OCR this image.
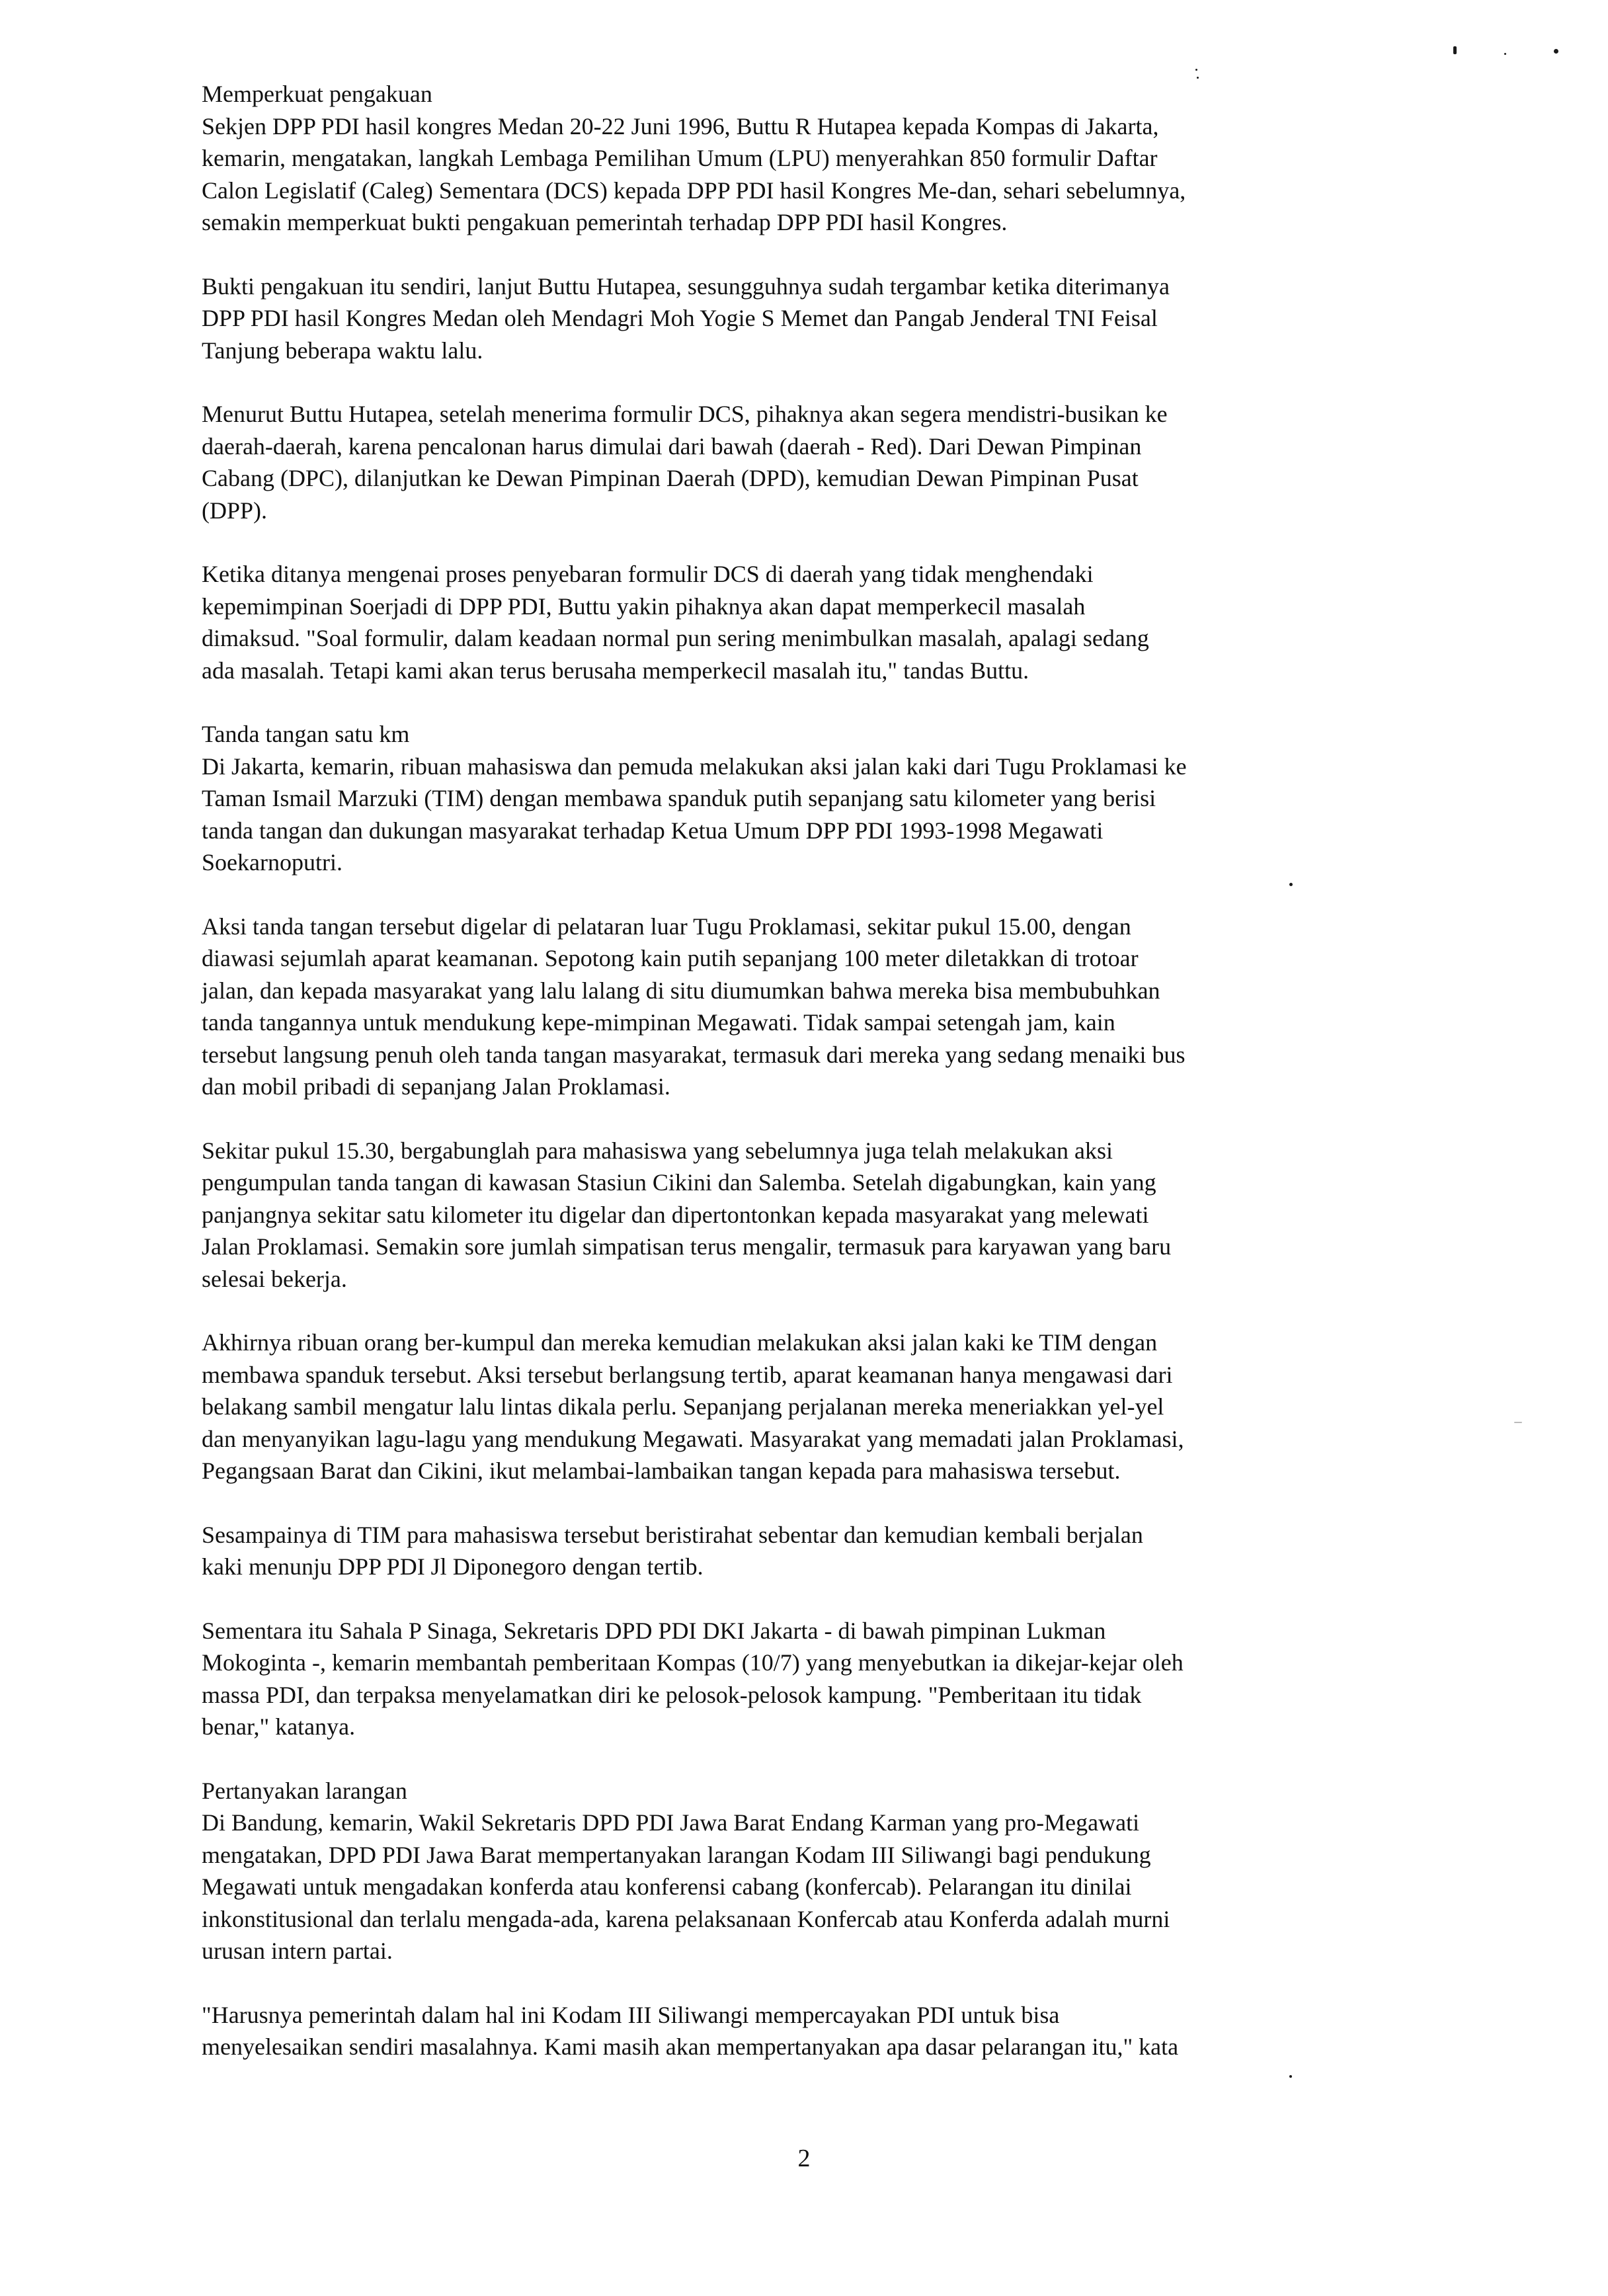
Memperkuat pengakuan

Sekjen DPP PDI hasil kongres Medan 20-22 Juni 1996, Buttu R Hutapea kepada Kompas di Jakarta,
kemarin, mengatakan, langkah Lembaga Pemilihan Umum (LPU) menyerahkan 850 formulir Daftar
Calon Legislatif (Caleg) Sementara (DCS) kepada DPP PDI hasil Kongres Me-dan, sehari sebelumnya,
semakin memperkuat bukti pengakuan pemerintah terhadap DPP PDI hasil Kongres.

Bukti pengakuan itu sendiri, lanjut Buttu Hutapea, sesungguhnya sudah tergambar ketika diterimanya
DPP PDI hasil Kongres Medan oleh Mendagri Moh Yogie S Memet dan Pangab Jenderal TNI Feisal
Tanjung beberapa waktu lalu.

Menurut Buttu Hutapea, setelah menerima formulir DCS, pihaknya akan segera mendistri-busikan ke
daerah-daerah, karena pencalonan harus dimulai dari bawah (daerah - Red). Dari Dewan Pimpinan
Cabang (DPC), dilanjutkan ke Dewan Pimpinan Daerah (DPD), kemudian Dewan Pimpinan Pusat
(DPP).

Ketika ditanya mengenai proses penyebaran formulir DCS di daerah yang tidak menghendaki
kepemimpinan Soerjadi di DPP PDI, Buttu yakin pihaknya akan dapat memperkecil masalah
dimaksud. "Soal formulir, dalam keadaan normal pun sering menimbulkan masalah, apalagi sedang
ada masalah. Tetapi kami akan terus berusaha memperkecil masalah itu," tandas Buttu.

Tanda tangan satu km

Di Jakarta, kemarin, ribuan mahasiswa dan pemuda melakukan aksi jalan kaki dari Tugu Proklamasi ke
Taman Ismail Marzuki (TIM) dengan membawa spanduk putih sepanjang satu kilometer yang berisi
tanda tangan dan dukungan masyarakat terhadap Ketua Umum DPP PDI 1993-1998 Megawati
Soekarnoputri.

Aksi tanda tangan tersebut digelar di pelataran luar Tugu Proklamasi, sekitar pukul 15.00, dengan
diawasi sejumlah aparat keamanan. Sepotong kain putih sepanjang 100 meter diletakkan di trotoar
jalan, dan kepada masyarakat yang lalu lalang di situ diumumkan bahwa mereka bisa membubuhkan
tanda tangannya untuk mendukung kepe-mimpinan Megawati. Tidak sampai setengah jam, kain
tersebut langsung penuh oleh tanda tangan masyarakat, termasuk dari mereka yang sedang menaiki bus
dan mobil pribadi di sepanjang Jalan Proklamasi.

Sekitar pukul 15.30, bergabunglah para mahasiswa yang sebelumnya juga telah melakukan aksi
pengumpulan tanda tangan di kawasan Stasiun Cikini dan Salemba. Setelah digabungkan, kain yang
panjangnya sekitar satu kilometer itu digelar dan dipertontonkan kepada masyarakat yang melewati
Jalan Proklamasi. Semakin sore jumlah simpatisan terus mengalir, termasuk para karyawan yang baru
selesai bekerja.

Akhirnya ribuan orang ber-kumpul dan mereka kemudian melakukan aksi jalan kaki ke TIM dengan
membawa spanduk tersebut. Aksi tersebut berlangsung tertib, aparat keamanan hanya mengawasi dari
belakang sambil mengatur lalu lintas dikala perlu. Sepanjang perjalanan mereka meneriakkan yel-yel
dan menyanyikan lagu-lagu yang mendukung Megawati. Masyarakat yang memadati jalan Proklamasi,
Pegangsaan Barat dan Cikini, ikut melambai-lambaikan tangan kepada para mahasiswa tersebut.

Sesampainya di TIM para mahasiswa tersebut beristirahat sebentar dan kemudian kembali berjalan
kaki menunju DPP PDI Jl Diponegoro dengan tertib.

Sementara itu Sahala P Sinaga, Sekretaris DPD PDI DKI Jakarta - di bawah pimpinan Lukman
Mokoginta -, kemarin membantah pemberitaan Kompas (10/7) yang menyebutkan ia dikejar-kejar oleh
massa PDI, dan terpaksa menyelamatkan diri ke pelosok-pelosok kampung. "Pemberitaan itu tidak
benar," katanya.

Pertanyakan larangan

Di Bandung, kemarin, Wakil Sekretaris DPD PDI Jawa Barat Endang Karman yang pro-Megawati
mengatakan, DPD PDI Jawa Barat mempertanyakan larangan Kodam III Siliwangi bagi pendukung
Megawati untuk mengadakan konferda atau konferensi cabang (konfercab). Pelarangan itu dinilai
inkonstitusional dan terlalu mengada-ada, karena pelaksanaan Konfercab atau Konferda adalah murni
urusan intern partai.

"Harusnya pemerintah dalam hal ini Kodam III Siliwangi mempercayakan PDI untuk bisa
menyelesaikan sendiri masalahnya. Kami masih akan mempertanyakan apa dasar pelarangan itu," kata

2
